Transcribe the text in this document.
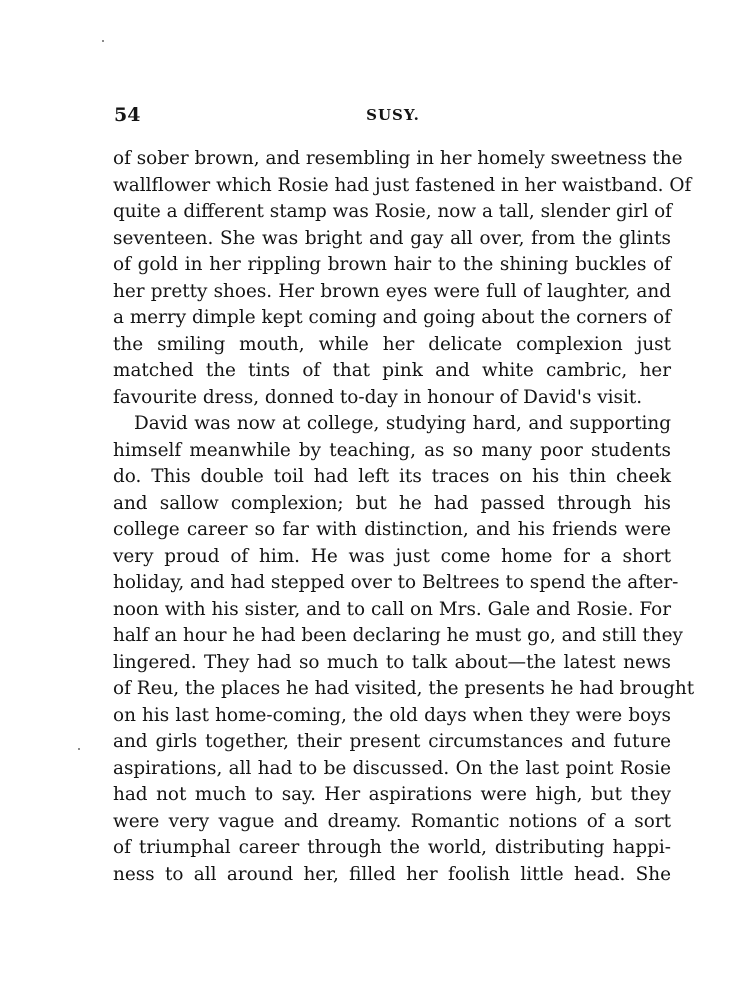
54	SUSY.
of sober brown, and resembling in her homely sweetness the
wallflower which Rosie had just fastened in her waistband. Of
quite a different stamp was Rosie, now a tall, slender girl of
seventeen. She was bright and gay all over, from the glints
of gold in her rippling brown hair to the shining buckles of
her pretty shoes. Her brown eyes were full of laughter, and
a merry dimple kept coming and going about the corners of
the smiling mouth, while her delicate complexion just
matched the tints of that pink and white cambric, her
favourite dress, donned to-day in honour of David's visit.
David was now at college, studying hard, and supporting
himself meanwhile by teaching, as so many poor students
do. This double toil had left its traces on his thin cheek
and sallow complexion; but he had passed through his
college career so far with distinction, and his friends were
very proud of him. He was just come home for a short
holiday, and had stepped over to Beltrees to spend the after-
noon with his sister, and to call on Mrs. Gale and Rosie. For
half an hour he had been declaring he must go, and still they
lingered. They had so much to talk about—the latest news
of Reu, the places he had visited, the presents he had brought
on his last home-coming, the old days when they were boys
and girls together, their present circumstances and future
aspirations, all had to be discussed. On the last point Rosie
had not much to say. Her aspirations were high, but they
were very vague and dreamy. Romantic notions of a sort
of triumphal career through the world, distributing happi-
ness to all around her, filled her foolish little head. She
